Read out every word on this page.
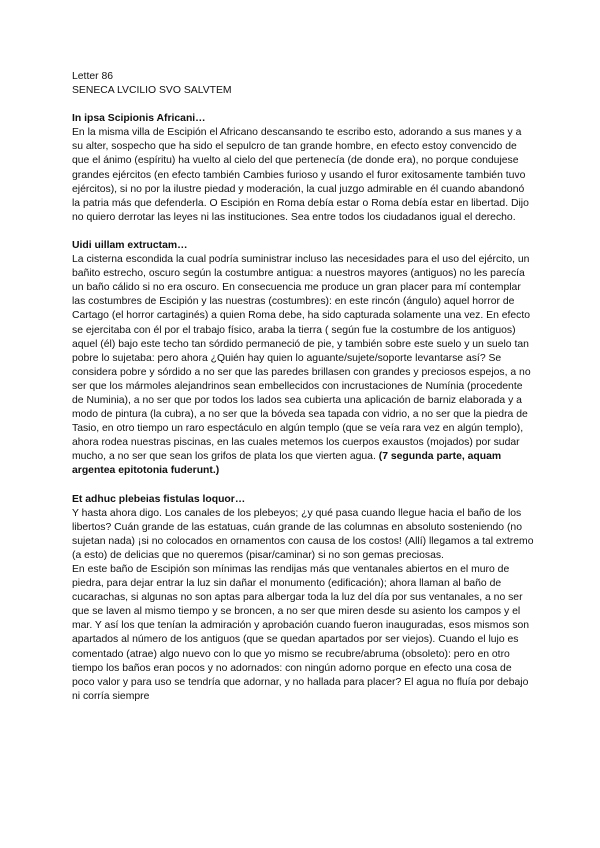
Letter 86
SENECA LVCILIO SVO SALVTEM
In ipsa Scipionis Africani…

En la misma villa de Escipión el Africano descansando te escribo esto, adorando a sus manes y a su alter, sospecho que ha sido el sepulcro de tan grande hombre, en efecto estoy convencido de que el ánimo (espíritu) ha vuelto al cielo del que pertenecía (de donde era), no porque condujese grandes ejércitos (en efecto también Cambies furioso y usando el furor exitosamente también tuvo ejércitos), si no por la ilustre piedad y moderación, la cual juzgo admirable en él cuando abandonó la patria más que defenderla. O Escipión en Roma debía estar o Roma debía estar en libertad. Dijo no quiero derrotar las leyes ni las instituciones. Sea entre todos los ciudadanos igual el derecho.

Uidi uillam extructam…

La cisterna escondida la cual podría suministrar incluso las necesidades para el uso del ejército, un bañito estrecho, oscuro según la costumbre antigua: a nuestros mayores (antiguos) no les parecía un baño cálido si no era oscuro. En consecuencia me produce un gran placer para mí contemplar las costumbres de Escipión y las nuestras (costumbres): en este rincón (ángulo) aquel horror de Cartago (el horror cartaginés) a quien Roma debe, ha sido capturada solamente una vez. En efecto se ejercitaba con él por el trabajo físico, araba la tierra ( según fue la costumbre de los antiguos) aquel (él) bajo este techo tan sórdido permaneció de pie, y también sobre este suelo y un suelo tan pobre lo sujetaba: pero ahora ¿Quién hay quien lo aguante/sujete/soporte levantarse así? Se considera pobre y sórdido a no ser que las paredes brillasen con grandes y preciosos espejos, a no ser que los mármoles alejandrinos sean embellecidos con incrustaciones de Numínia (procedente de Numinia), a no ser que por todos los lados sea cubierta una aplicación de barniz elaborada y a modo de pintura (la cubra), a no ser que la bóveda sea tapada con vidrio, a no ser que la piedra de Tasio, en otro tiempo un raro espectáculo en algún templo (que se veía rara vez en algún templo), ahora rodea nuestras piscinas, en las cuales metemos los cuerpos exaustos (mojados) por sudar mucho, a no ser que sean los grifos de plata los que vierten agua. (7 segunda parte, aquam argentea epitotonia fuderunt.)

Et adhuc plebeias fistulas loquor…

Y hasta ahora digo. Los canales de los plebeyos; ¿y qué pasa cuando llegue hacia el baño de los libertos? Cuán grande de las estatuas, cuán grande de las columnas en absoluto sosteniendo (no sujetan nada) ¡si no colocados en ornamentos con causa de los costos! (Allí) llegamos a tal extremo (a esto) de delicias que no queremos (pisar/caminar) si no son gemas preciosas.

En este baño de Escipión son mínimas las rendijas más que ventanales abiertos en el muro de piedra, para dejar entrar la luz sin dañar el monumento (edificación); ahora llaman al baño de cucarachas, si algunas no son aptas para albergar toda la luz del día por sus ventanales, a no ser que se laven al mismo tiempo y se broncen, a no ser que miren desde su asiento los campos y el mar. Y así los que tenían la admiración y aprobación cuando fueron inauguradas, esos mismos son apartados al número de los antiguos (que se quedan apartados por ser viejos). Cuando el lujo es comentado (atrae) algo nuevo con lo que yo mismo se recubre/abruma (obsoleto): pero en otro tiempo los baños eran pocos y no adornados: con ningún adorno porque en efecto una cosa de poco valor y para uso se tendría que adornar, y no hallada para placer? El agua no fluía por debajo ni corría siempre
